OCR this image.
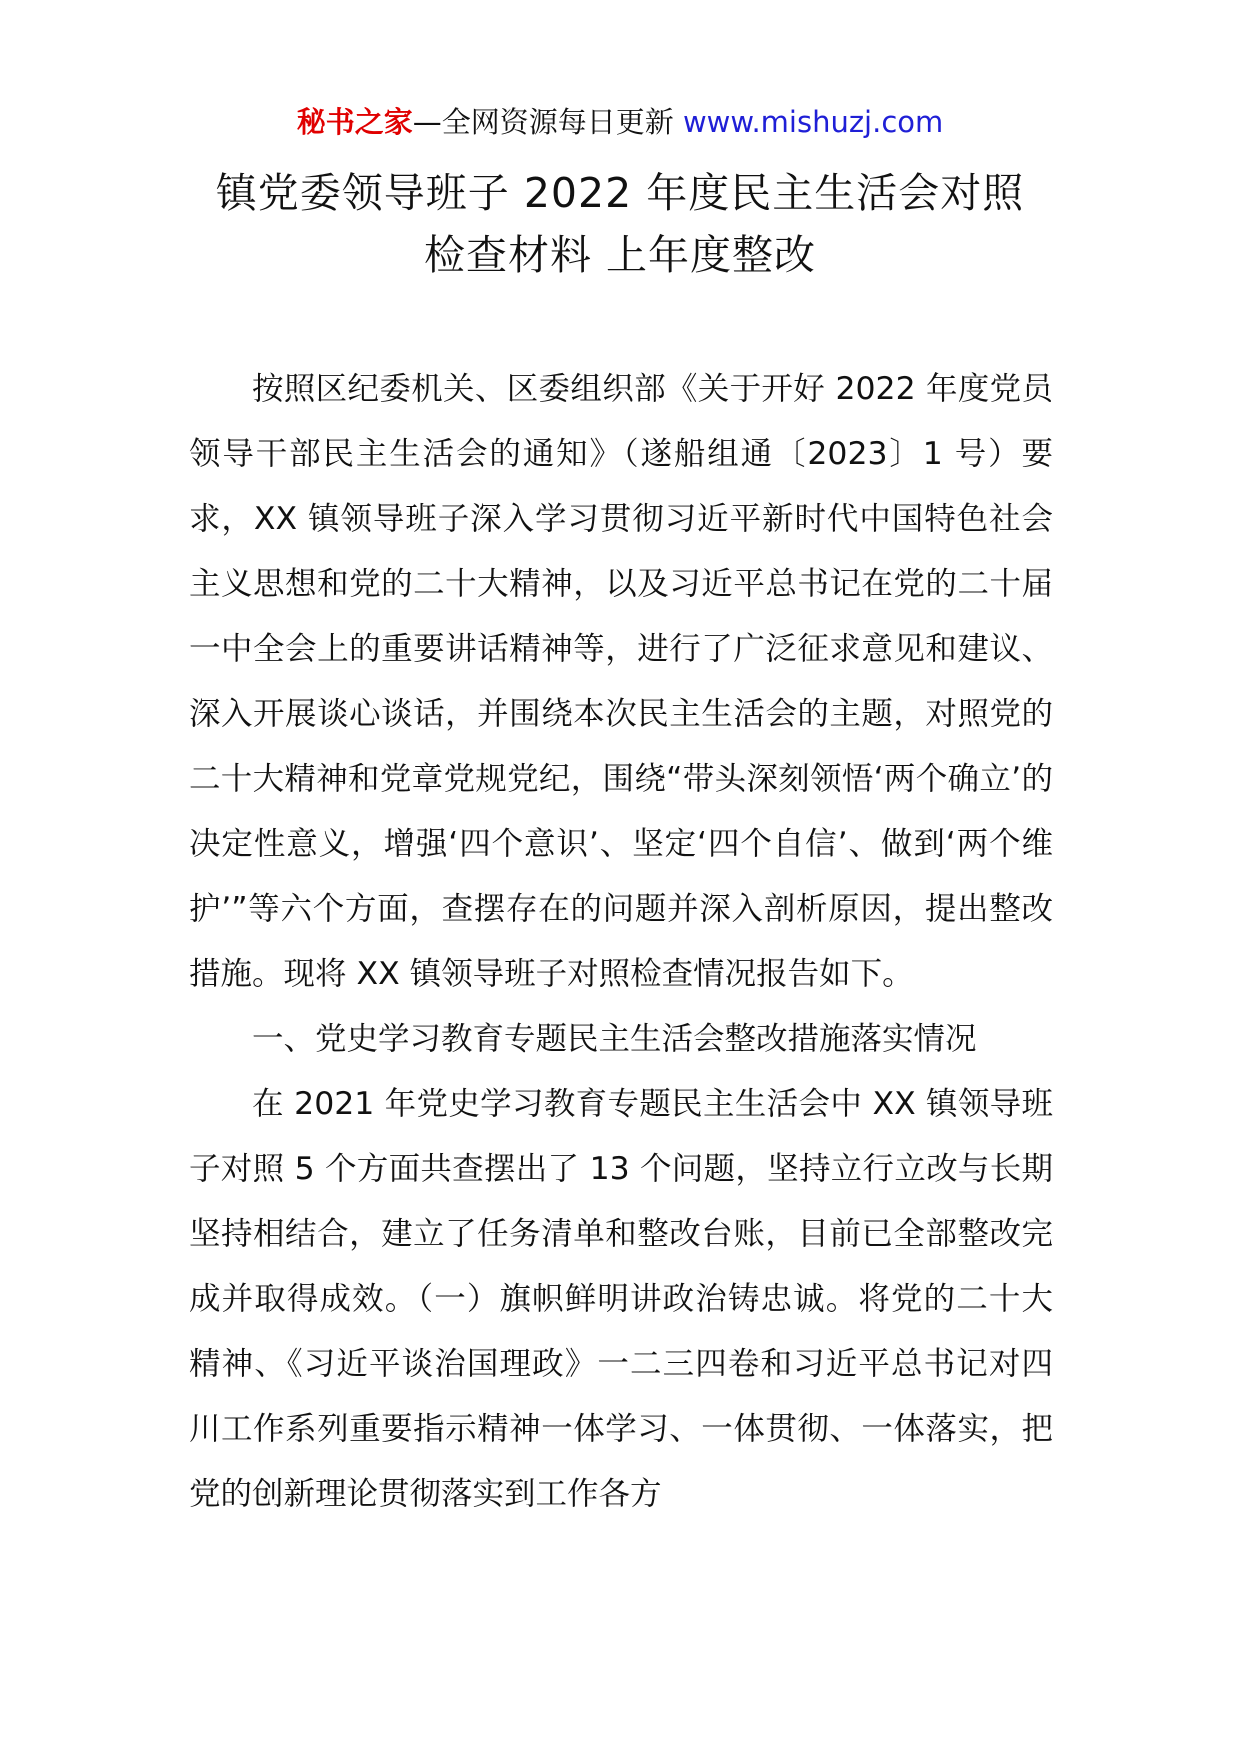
秘书之家—全网资源每日更新 www.mishuzj.com
镇党委领导班子 2022 年度民主生活会对照
检查材料 上年度整改

按照区纪委机关、区委组织部《关于开好 2022 年度党员领导干部民主生活会的通知》（遂船组通〔2023〕1 号）要求，XX 镇领导班子深入学习贯彻习近平新时代中国特色社会主义思想和党的二十大精神，以及习近平总书记在党的二十届一中全会上的重要讲话精神等，进行了广泛征求意见和建议、深入开展谈心谈话，并围绕本次民主生活会的主题，对照党的二十大精神和党章党规党纪，围绕“带头深刻领悟‘两个确立’的决定性意义，增强‘四个意识’、坚定‘四个自信’、做到‘两个维护’”等六个方面，查摆存在的问题并深入剖析原因，提出整改措施。现将 XX 镇领导班子对照检查情况报告如下。

一、党史学习教育专题民主生活会整改措施落实情况

在 2021 年党史学习教育专题民主生活会中 XX 镇领导班子对照 5 个方面共查摆出了 13 个问题，坚持立行立改与长期坚持相结合，建立了任务清单和整改台账，目前已全部整改完成并取得成效。（一）旗帜鲜明讲政治铸忠诚。将党的二十大精神、《习近平谈治国理政》一二三四卷和习近平总书记对四川工作系列重要指示精神一体学习、一体贯彻、一体落实，把党的创新理论贯彻落实到工作各方
